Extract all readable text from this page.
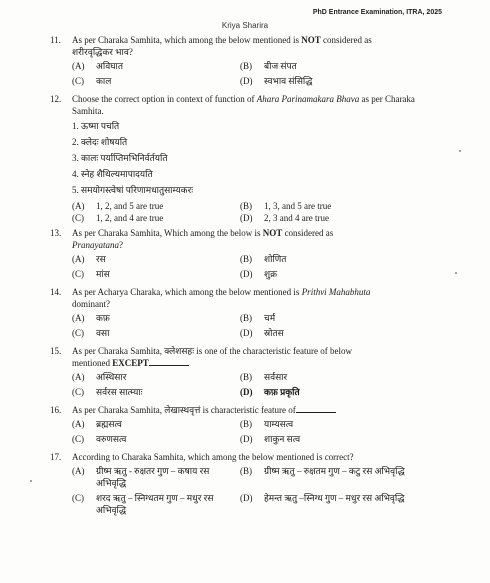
PhD Entrance Examination, ITRA, 2025
Kriya Sharira
11. As per Charaka Samhita, which among the below mentioned is NOT considered as
शरीरवृद्धिकर भाव?
(A) अविघात	(B) बीज संपत
(C) काल	(D) स्वभाव संसिद्धि
12. Choose the correct option in context of function of Ahara Parinamakara Bhava as per Charaka Samhita.
1. ऊष्मा पचति
2. क्लेदः शोषयति
3. कालः पर्याप्तिमभिनिर्वर्तयति
4. स्नेह शैथिल्यमापादयति
5. समयोगस्त्वेषां परिणामधातुसाम्यकरः
(A) 1, 2, and 5 are true	(B) 1, 3, and 5 are true
(C) 1, 2, and 4 are true	(D) 2, 3 and 4 are true
13. As per Charaka Samhita, Which among the below is NOT considered as
Pranayatana?
(A) रस	(B) शोणित
(C) मांस	(D) शुक्र
14. As per Acharya Charaka, which among the below mentioned is Prithvi Mahabhuta
dominant?
(A) कफ़	(B) चर्म
(C) वसा	(D) स्रोतस
15. As per Charaka Samhita, क्लेशसहः is one of the characteristic feature of below
mentioned EXCEPT
(A) अस्थिसार	(B) सर्वसार
(C) सर्वरस सात्म्याः	(D) कफ़ प्रकृति
16. As per Charaka Samhita, लेखास्थवृत्तं is characteristic feature of
(A) ब्रह्मसत्व	(B) याम्यसत्व
(C) वरुणसत्व	(D) शाकुन सत्व
17. According to Charaka Samhita, which among the below mentioned is correct?
(A) ग्रीष्म ऋतु - रुक्षतर गुण – कषाय रस अभिवृद्धि
(B) ग्रीष्म ऋतु – रुक्षतम गुण – कटु रस अभिवृद्धि
(C) शरद ऋतु – स्निग्धतम गुण – मधुर रस अभिवृद्धि
(D) हेमन्त ऋतु –स्निग्ध गुण – मधुर रस अभिवृद्धि
